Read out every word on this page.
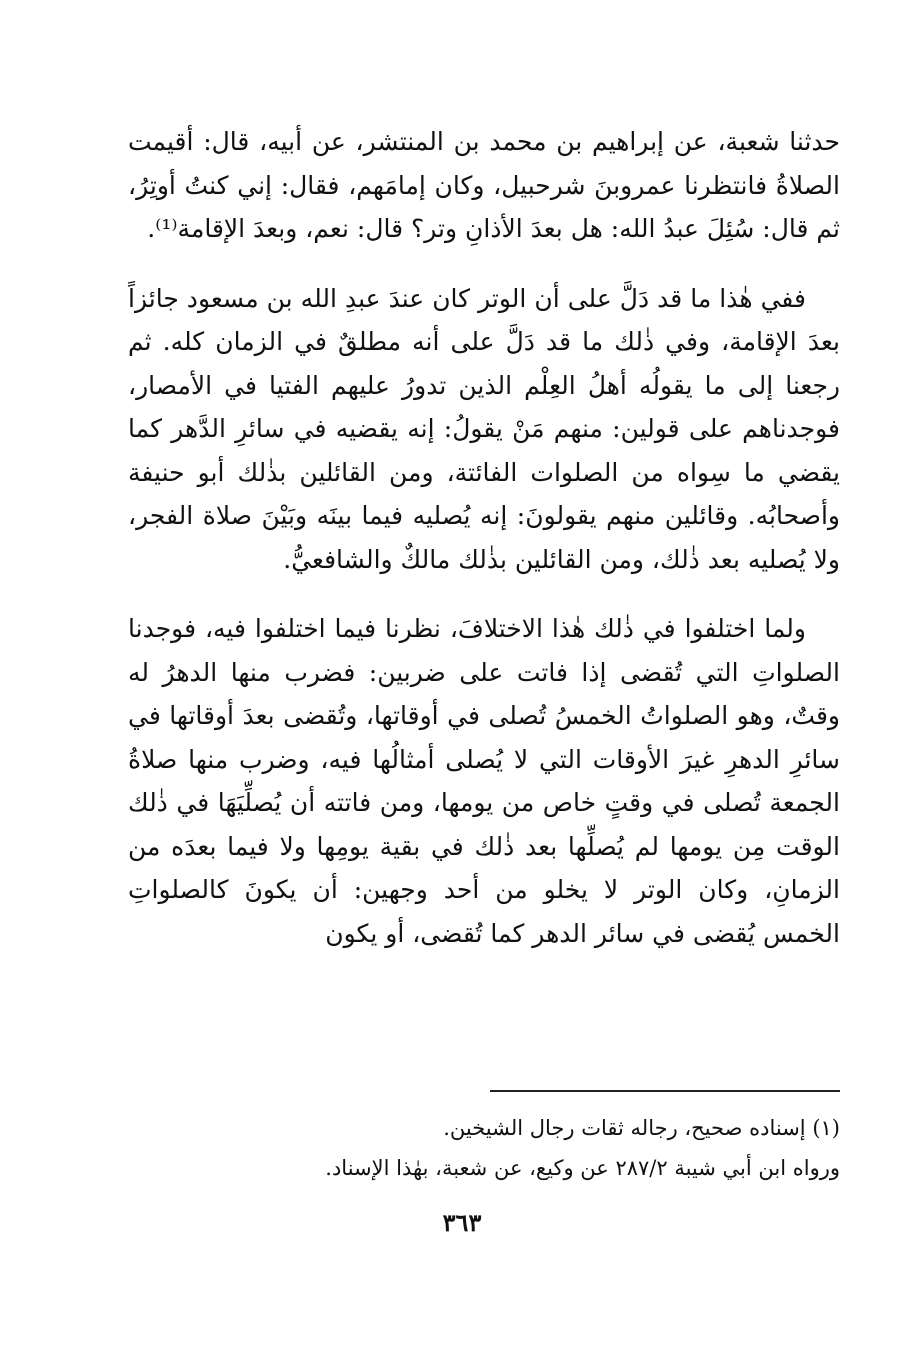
حدثنا شعبة، عن إبراهيم بن محمد بن المنتشر، عن أبيه، قال: أقيمت الصلاةُ فانتظرنا عمروبنَ شرحبيل، وكان إمامَهم، فقال: إني كنتُ أوتِرُ، ثم قال: سُئِلَ عبدُ الله: هل بعدَ الأذانِ وتر؟ قال: نعم، وبعدَ الإقامة⁽¹⁾.

ففي هٰذا ما قد دَلَّ على أن الوتر كان عندَ عبدِ الله بن مسعود جائزاً بعدَ الإقامة، وفي ذٰلك ما قد دَلَّ على أنه مطلقٌ في الزمان كله. ثم رجعنا إلى ما يقولُه أهلُ العِلْم الذين تدورُ عليهم الفتيا في الأمصار، فوجدناهم على قولين: منهم مَنْ يقولُ: إنه يقضيه في سائرِ الدَّهر كما يقضي ما سِواه من الصلوات الفائتة، ومن القائلين بذٰلك أبو حنيفة وأصحابُه. وقائلين منهم يقولونَ: إنه يُصليه فيما بينَه وبَيْنَ صلاة الفجر، ولا يُصليه بعد ذٰلك، ومن القائلين بذٰلك مالكٌ والشافعيُّ.

ولما اختلفوا في ذٰلك هٰذا الاختلافَ، نظرنا فيما اختلفوا فيه، فوجدنا الصلواتِ التي تُقضى إذا فاتت على ضربين: فضرب منها الدهرُ له وقتٌ، وهو الصلواتُ الخمسُ تُصلى في أوقاتها، وتُقضى بعدَ أوقاتها في سائرِ الدهرِ غيرَ الأوقات التي لا يُصلى أمثالُها فيه، وضرب منها صلاةُ الجمعة تُصلى في وقتٍ خاص من يومها، ومن فاتته أن يُصلِّيَهَا في ذٰلك الوقت مِن يومها لم يُصلِّها بعد ذٰلك في بقية يومِها ولا فيما بعدَه من الزمانِ، وكان الوتر لا يخلو من أحد وجهين: أن يكونَ كالصلواتِ الخمس يُقضى في سائر الدهر كما تُقضى، أو يكون

(١) إسناده صحيح، رجاله ثقات رجال الشيخين.
ورواه ابن أبي شيبة ٢٨٧/٢ عن وكيع، عن شعبة، بهٰذا الإسناد.
٣٦٣
